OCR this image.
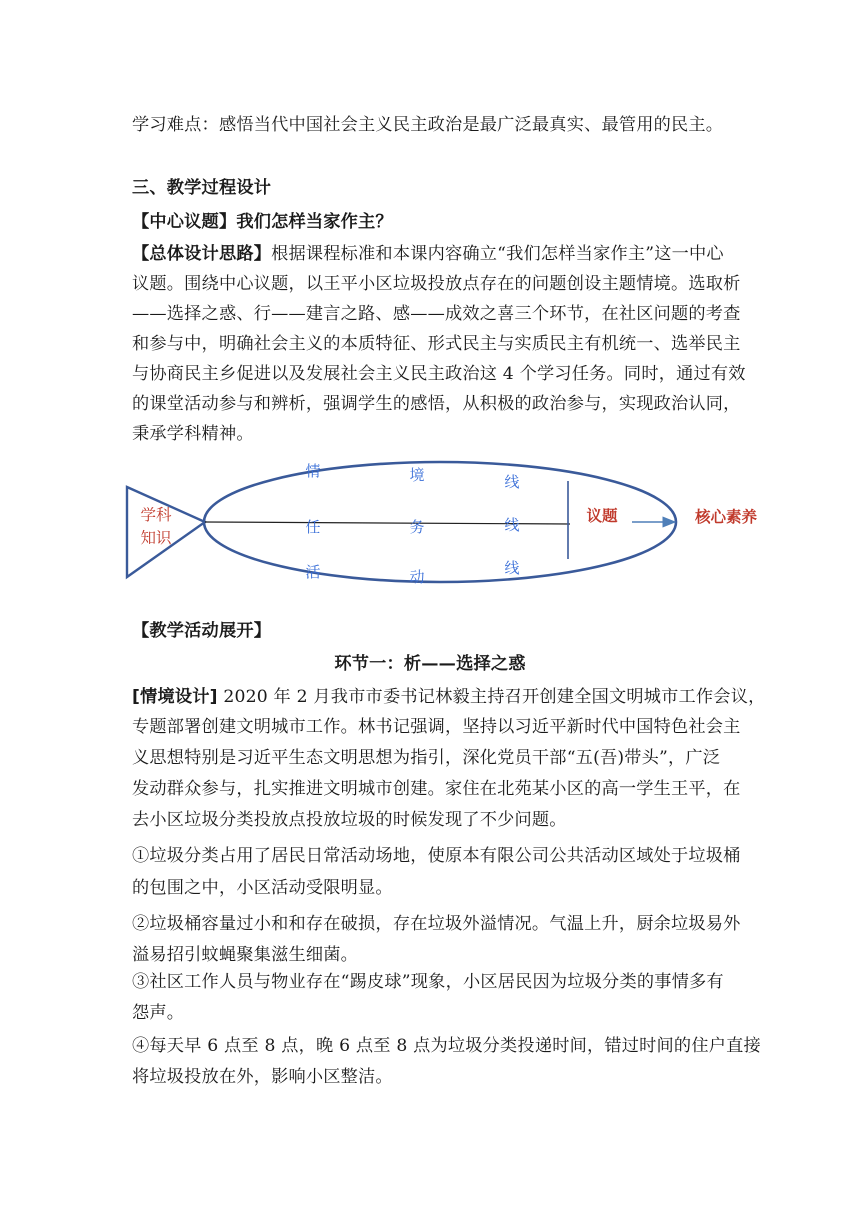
学习难点：感悟当代中国社会主义民主政治是最广泛最真实、最管用的民主。
三、教学过程设计
【中心议题】我们怎样当家作主？
【总体设计思路】根据课程标准和本课内容确立“我们怎样当家作主”这一中心
议题。围绕中心议题，以王平小区垃圾投放点存在的问题创设主题情境。选取析
——选择之惑、行——建言之路、感——成效之喜三个环节，在社区问题的考查
和参与中，明确社会主义的本质特征、形式民主与实质民主有机统一、选举民主
与协商民主乡促进以及发展社会主义民主政治这 4 个学习任务。同时，通过有效
的课堂活动参与和辨析，强调学生的感悟，从积极的政治参与，实现政治认同，
秉承学科精神。
学科
知识
议题	核心素养
情	境	线
任	务	线
活	动	线
【教学活动展开】
环节一：析——选择之惑
[情境设计] 2020 年 2 月我市市委书记林毅主持召开创建全国文明城市工作会议，
专题部署创建文明城市工作。林书记强调，坚持以习近平新时代中国特色社会主
义思想特别是习近平生态文明思想为指引，深化党员干部“五(吾)带头”，广泛
发动群众参与，扎实推进文明城市创建。家住在北苑某小区的高一学生王平，在
去小区垃圾分类投放点投放垃圾的时候发现了不少问题。
①垃圾分类占用了居民日常活动场地，使原本有限公司公共活动区域处于垃圾桶
的包围之中，小区活动受限明显。
②垃圾桶容量过小和和存在破损，存在垃圾外溢情况。气温上升，厨余垃圾易外
溢易招引蚊蝇聚集滋生细菌。
③社区工作人员与物业存在“踢皮球”现象，小区居民因为垃圾分类的事情多有
怨声。
④每天早 6 点至 8 点，晚 6 点至 8 点为垃圾分类投递时间，错过时间的住户直接
将垃圾投放在外，影响小区整洁。
